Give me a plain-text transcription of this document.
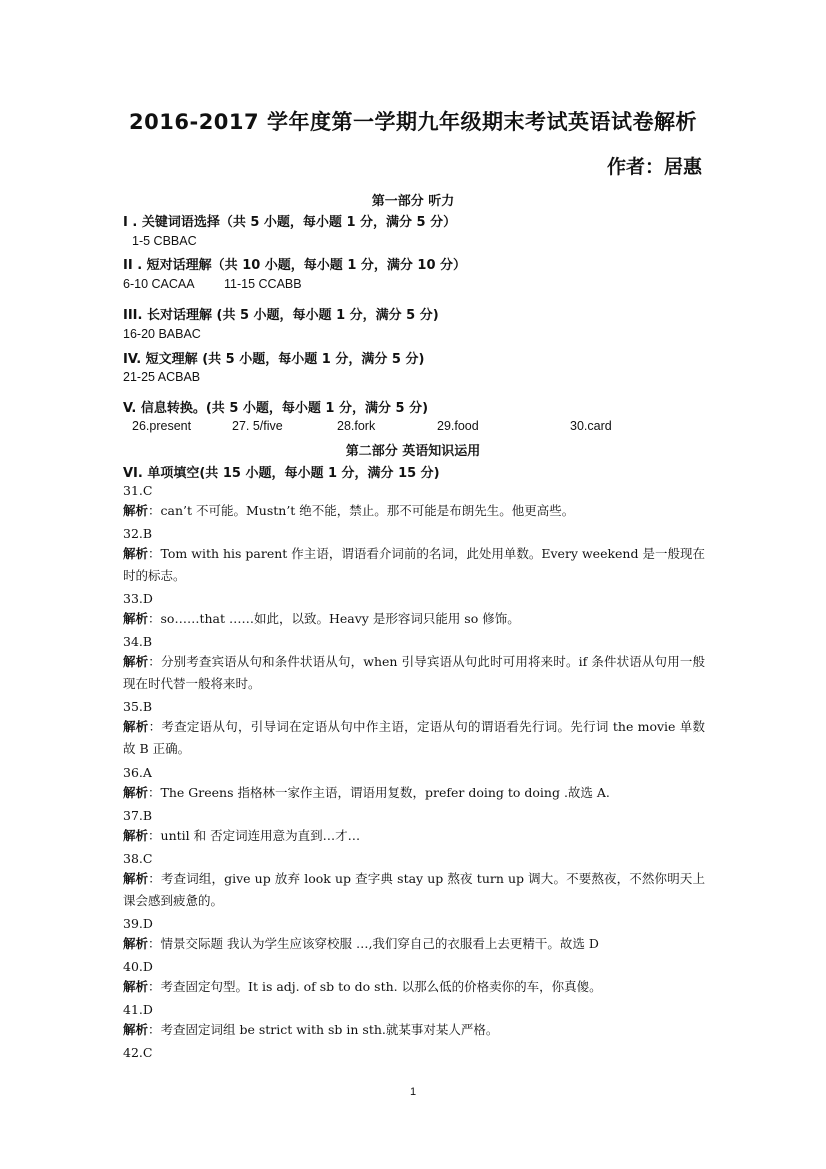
2016-2017 学年度第一学期九年级期末考试英语试卷解析
作者：居惠
第一部分 听力
I . 关键词语选择（共 5 小题，每小题 1 分，满分 5 分）
1-5 CBBAC
II . 短对话理解（共 10 小题，每小题 1 分，满分 10 分）
6-10 CACAA 11-15 CCABB
III. 长对话理解 (共 5 小题，每小题 1 分，满分 5 分)
16-20 BABAC
IV. 短文理解 (共 5 小题，每小题 1 分，满分 5 分)
21-25 ACBAB
V. 信息转换。(共 5 小题，每小题 1 分，满分 5 分)
26.present	27. 5/five	28.fork	29.food	30.card
第二部分 英语知识运用
VI. 单项填空(共 15 小题，每小题 1 分，满分 15 分)
31.C
解析：can’t 不可能。Mustn’t 绝不能，禁止。那不可能是布朗先生。他更高些。
32.B
解析：Tom with his parent 作主语，谓语看介词前的名词，此处用单数。Every weekend 是一般现在时的标志。
33.D
解析：so……that ……如此，以致。Heavy 是形容词只能用 so 修饰。
34.B
解析：分别考查宾语从句和条件状语从句，when 引导宾语从句此时可用将来时。if 条件状语从句用一般现在时代替一般将来时。
35.B
解析：考查定语从句，引导词在定语从句中作主语，定语从句的谓语看先行词。先行词 the movie 单数故 B 正确。
36.A
解析：The Greens 指格林一家作主语，谓语用复数，prefer doing to doing .故选 A.
37.B
解析：until 和 否定词连用意为直到…才…
38.C
解析：考查词组，give up 放弃 look up 查字典 stay up 熬夜 turn up 调大。不要熬夜，不然你明天上课会感到疲惫的。
39.D
解析：情景交际题 我认为学生应该穿校服 …,我们穿自己的衣服看上去更精干。故选 D
40.D
解析：考查固定句型。It is adj. of sb to do sth. 以那么低的价格卖你的车，你真傻。
41.D
解析：考查固定词组 be strict with sb in sth.就某事对某人严格。
42.C
1
